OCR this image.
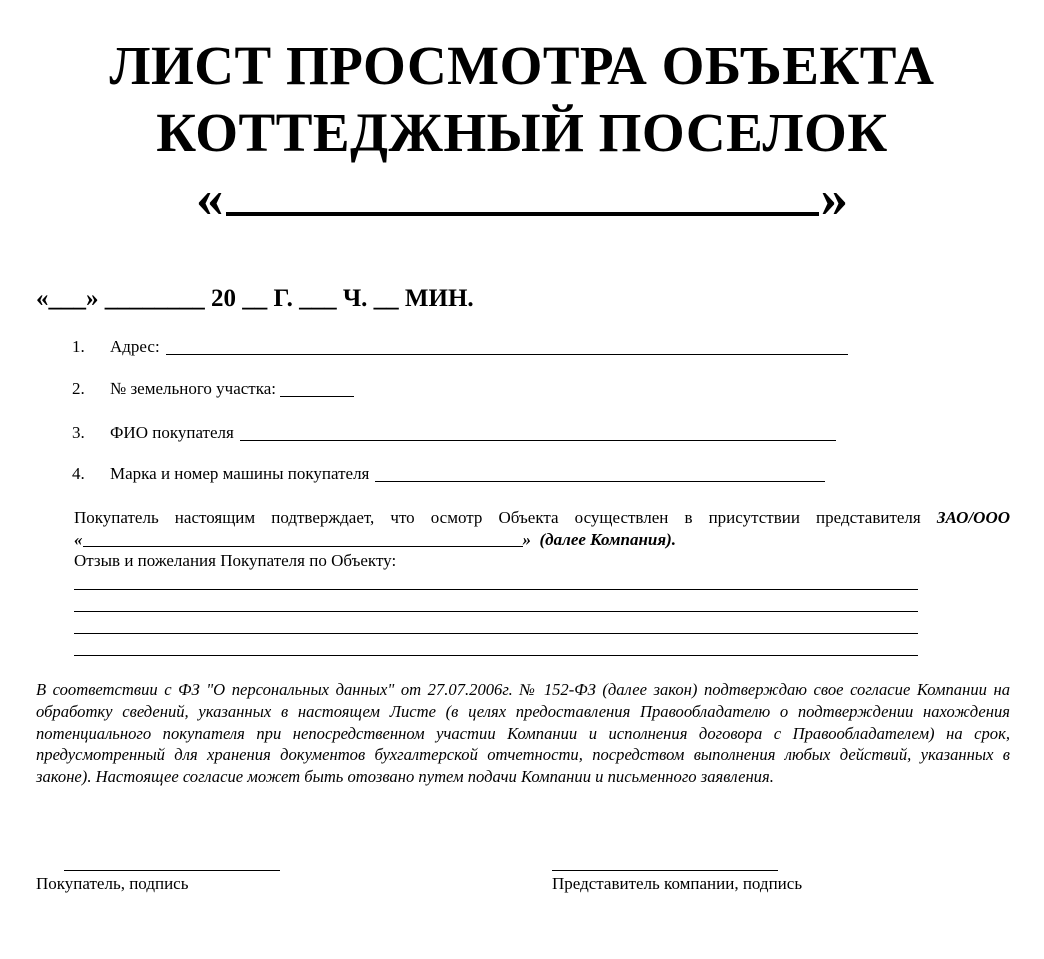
ЛИСТ ПРОСМОТРА ОБЪЕКТА
КОТТЕДЖНЫЙ ПОСЕЛОК
«	»
«___» ________ 20 __ Г. ___ Ч. __ МИН.
1.	Адрес:
2.	№ земельного участка:
3.	ФИО покупателя
4.	Марка и номер машины покупателя
Покупатель настоящим подтверждает, что осмотр Объекта осуществлен в присутствии представителя ЗАО/ООО
«	»  (далее Компания).
Отзыв и пожелания Покупателя по Объекту:
В соответствии с ФЗ "О персональных данных" от 27.07.2006г. № 152-ФЗ (далее закон) подтверждаю свое согласие Компании на обработку сведений, указанных в настоящем Листе (в целях предоставления Правообладателю о подтверждении нахождения потенциального покупателя при непосредственном участии Компании и исполнения договора с Правообладателем) на срок, предусмотренный для хранения документов бухгалтерской отчетности, посредством выполнения любых действий, указанных в законе). Настоящее согласие может быть отозвано путем подачи Компании и письменного заявления.
Покупатель, подпись	Представитель компании, подпись
